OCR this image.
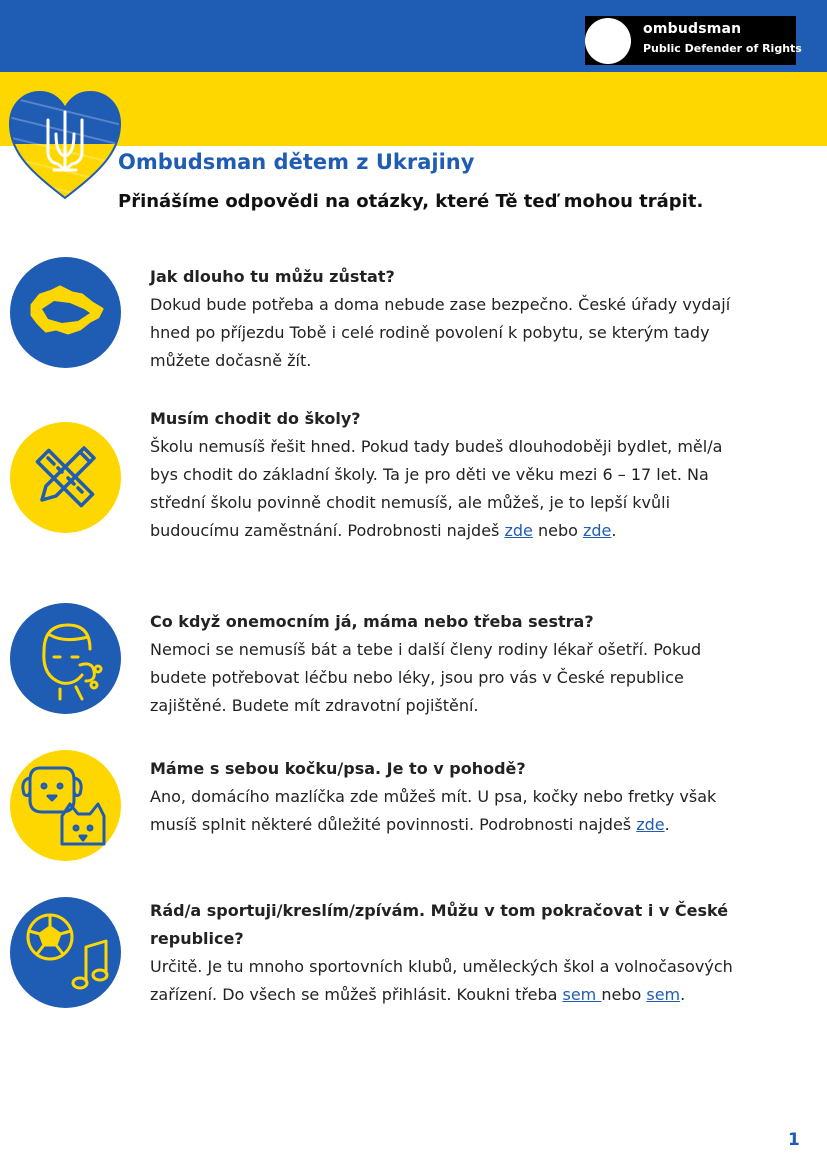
ombudsman
Public Defender of Rights
Ombudsman dětem z Ukrajiny
Přinášíme odpovědi na otázky, které Tě teď mohou trápit.
Jak dlouho tu můžu zůstat?
Dokud bude potřeba a doma nebude zase bezpečno. České úřady vydají hned po příjezdu Tobě i celé rodině povolení k pobytu, se kterým tady můžete dočasně žít.
Musím chodit do školy?
Školu nemusíš řešit hned. Pokud tady budeš dlouhodoběji bydlet, měl/a bys chodit do základní školy. Ta je pro děti ve věku mezi 6 – 17 let. Na střední školu povinně chodit nemusíš, ale můžeš, je to lepší kvůli budoucímu zaměstnání. Podrobnosti najdeš zde nebo zde.
Co když onemocním já, máma nebo třeba sestra?
Nemoci se nemusíš bát a tebe i další členy rodiny lékař ošetří. Pokud budete potřebovat léčbu nebo léky, jsou pro vás v České republice zajištěné. Budete mít zdravotní pojištění.
Máme s sebou kočku/psa. Je to v pohodě?
Ano, domácího mazlíčka zde můžeš mít. U psa, kočky nebo fretky však musíš splnit některé důležité povinnosti. Podrobnosti najdeš zde.
Rád/a sportuji/kreslím/zpívám. Můžu v tom pokračovat i v České republice?
Určitě. Je tu mnoho sportovních klubů, uměleckých škol a volnočasových zařízení. Do všech se můžeš přihlásit. Koukni třeba sem nebo sem.
1
